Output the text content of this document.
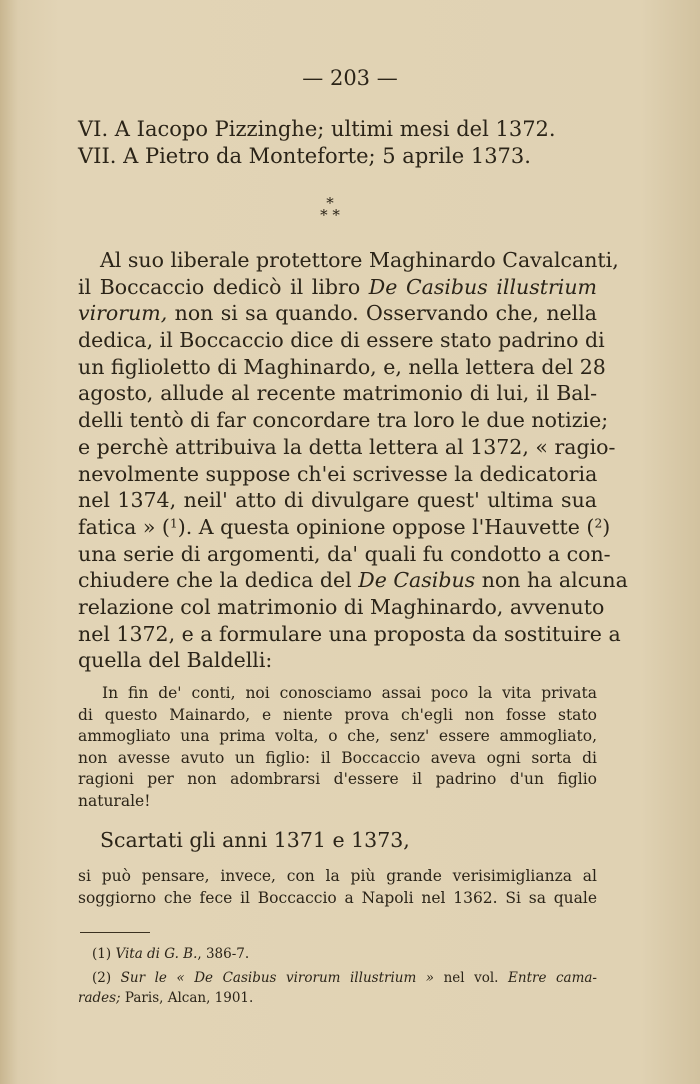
— 203 —
VI. A Iacopo Pizzinghe; ultimi mesi del 1372.
VII. A Pietro da Monteforte; 5 aprile 1373.
*
* *
Al suo liberale protettore Maghinardo Cavalcanti,
il Boccaccio dedicò il libro De Casibus illustrium
virorum, non si sa quando. Osservando che, nella
dedica, il Boccaccio dice di essere stato padrino di
un figlioletto di Maghinardo, e, nella lettera del 28
agosto, allude al recente matrimonio di lui, il Bal-
delli tentò di far concordare tra loro le due notizie;
e perchè attribuiva la detta lettera al 1372, « ragio-
nevolmente suppose ch'ei scrivesse la dedicatoria
nel 1374, neil' atto di divulgare quest' ultima sua
fatica » ($^1$). A questa opinione oppose l'Hauvette ($^2$)
una serie di argomenti, da' quali fu condotto a con-
chiudere che la dedica del De Casibus non ha alcuna
relazione col matrimonio di Maghinardo, avvenuto
nel 1372, e a formulare una proposta da sostituire a
quella del Baldelli:
In fin de' conti, noi conosciamo assai poco la vita privata
di questo Mainardo, e niente prova ch'egli non fosse stato
ammogliato una prima volta, o che, senz' essere ammogliato,
non avesse avuto un figlio: il Boccaccio aveva ogni sorta di
ragioni per non adombrarsi d'essere il padrino d'un figlio
naturale!
Scartati gli anni 1371 e 1373,
si può pensare, invece, con la più grande verisimiglianza al
soggiorno che fece il Boccaccio a Napoli nel 1362. Si sa quale
(1) Vita di G. B., 386-7.
(2) Sur le « De Casibus virorum illustrium » nel vol. Entre cama-
rades; Paris, Alcan, 1901.
